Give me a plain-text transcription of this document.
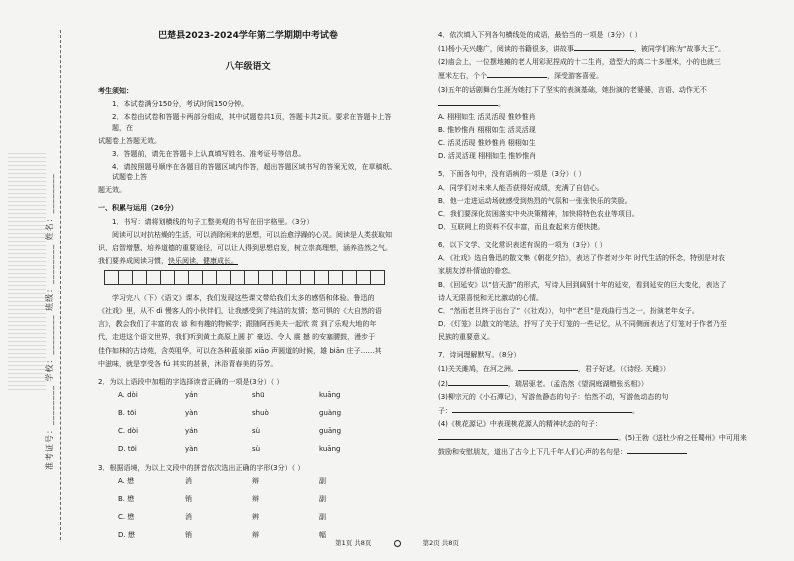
准考证号：________ 学校：________ 班级：________ 姓名：________
巴楚县2023-2024学年第二学期期中考试卷
八年级语文

考生须知：

1．本试卷满分150分，考试时间150分钟。

2．本卷由试卷和答题卡两部分组成，其中试题卷共1页，答题卡共2页。要求在答题卡上答题，在

试题卷上答题无效。

3．答题前，请先在答题卡上认真填写姓名、准考证号等信息。

4．请按照题号顺序在各题目的答题区域内作答，超出答题区域书写的答案无效，在草稿纸、试题卷上答

题无效。

一、积累与运用（26分）

1．书写：请将划横线的句子工整美观的书写在田字格里。（3分）

阅读可以对抗枯燥的生活，可以消除闲来的思想，可以治愈浮躁的心灵。阅读是人类获取知

识、启智增慧、培养道德的重要途径，可以让人得到思想启发，树立崇高理想，涵养浩然之气。

我们要养成阅读习惯，快乐阅读，健康成长。

学习完八（下）《语文》课本，我们发现这些课文带给我们太多的感悟和体验。鲁迅的

《社戏》里，从不 dì 慢客人的小伙伴们，让我感受到了纯洁的友情；悠可惧的《大自然的语

言》，教会我们了丰富的农 谚 和有趣的物候学；跟随阿西美夫一起欣 赏 到了乐观大地的年

代，走进这个语文世界，我们听到黄土高原上圆 扩 豪迈、令人 震 撼 的安塞腰鼓，漫步于

佳作如林的古诗苑，含英咀华，可以在各种蓝泉部 xiāo 声圆道的时候，雄 biān 庄子……其

中滋味，就是享受各 fú 其实的甚景，沐浴青春美的芬芳。

2．为以上语段中加粗的字选择读音正确的一项是(3分）（ ）

A. dòi	yán	shū	kuāng
B. tōi	yàn	shuò	guàng
C. dòi	yán	sù	guāng
D. tōi	yàn	sù	kuāng

3．根据语境，为以上文段中的拼音依次选出正确的字形(3分）（ ）

A. 懋	消	辩	副
B. 懋	销	辩	副
C. 懋	消	辨	副
D. 懋	销	辩	幅

4．依次填入下列各句横线处的成语，最恰当的一项是（3分）（ ）

(1)杨小天兴趣广，阅读的书籍很多，讲故事	，被同学们称为“故事大王”。

(2)庙会上，一位摆地摊的老人用彩泥捏成的十二生肖，造型大的高二十多厘米，小的也就三

厘米左右，个个	，深受游客喜爱。

(3)五年的话剧舞台生涯为她打下了坚实的表演基础，她扮演的老婆婆，言语、动作无不

。

A. 栩栩如生 活灵活现 惟妙惟肖

B. 惟妙惟肖 栩栩如生 活灵活现

C. 活灵活现 惟妙惟肖 栩栩如生

D. 活灵活现 栩栩如生 惟妙惟肖

5．下面各句中，没有语病的一项是（3分）（ ）

A．同学们对未来人能否获得好成绩，充满了自信心。

B．他一走进运动场就感受到热烈的气氛和一张张快乐的笑脸。

C．我们要深化贫困落实中央决策精神，加快将特色农业等项目。

D．互联网上的资料不仅丰富，而且查起来方便快捷。

6．以下文学、文化常识表述有误的一项为（3分）（ ）

A．《社戏》选自鲁迅的散文集《朝花夕拾》，表达了作者对少年 时代生活的怀念，特别是对农

家朋友淳朴情谊的眷恋。

B．《回延安》以“信天游”的形式，写诗人回到阔别十年的延安，看到延安的巨大变化，表达了

诗人无限喜悦和无比激动的心情。

C．“然而老旦终于出台了”（《社戏》），句中“老旦”是戏曲行当之一，扮演老年女子。

D．《灯笼》以散文的笔法，抒写了关于灯笼的一些记忆，从不同侧面表达了灯笼对于作者乃至

民族的重要意义。

7．诗词理解默写。（8分）

(1)关关雎鸠，在河之洲。	，君子好逑。（《诗经. 关雎》）

(2)	，瑞居驱老。（孟浩然《望洞庭湖赠张丞相》）

(3)柳宗元的《小石潭记》，写游鱼静态的句子：怡然不动，写游鱼动态的句

子：	。

(4)《桃花源记》中表现桃花源人的精神状态的句子：

。(5)王勃《送杜少府之任蜀州》中可用来

鼓励和安慰朋友，道出了古今上下几千年人们心声的名句是：

第1页 共8页	第2页 共8页
